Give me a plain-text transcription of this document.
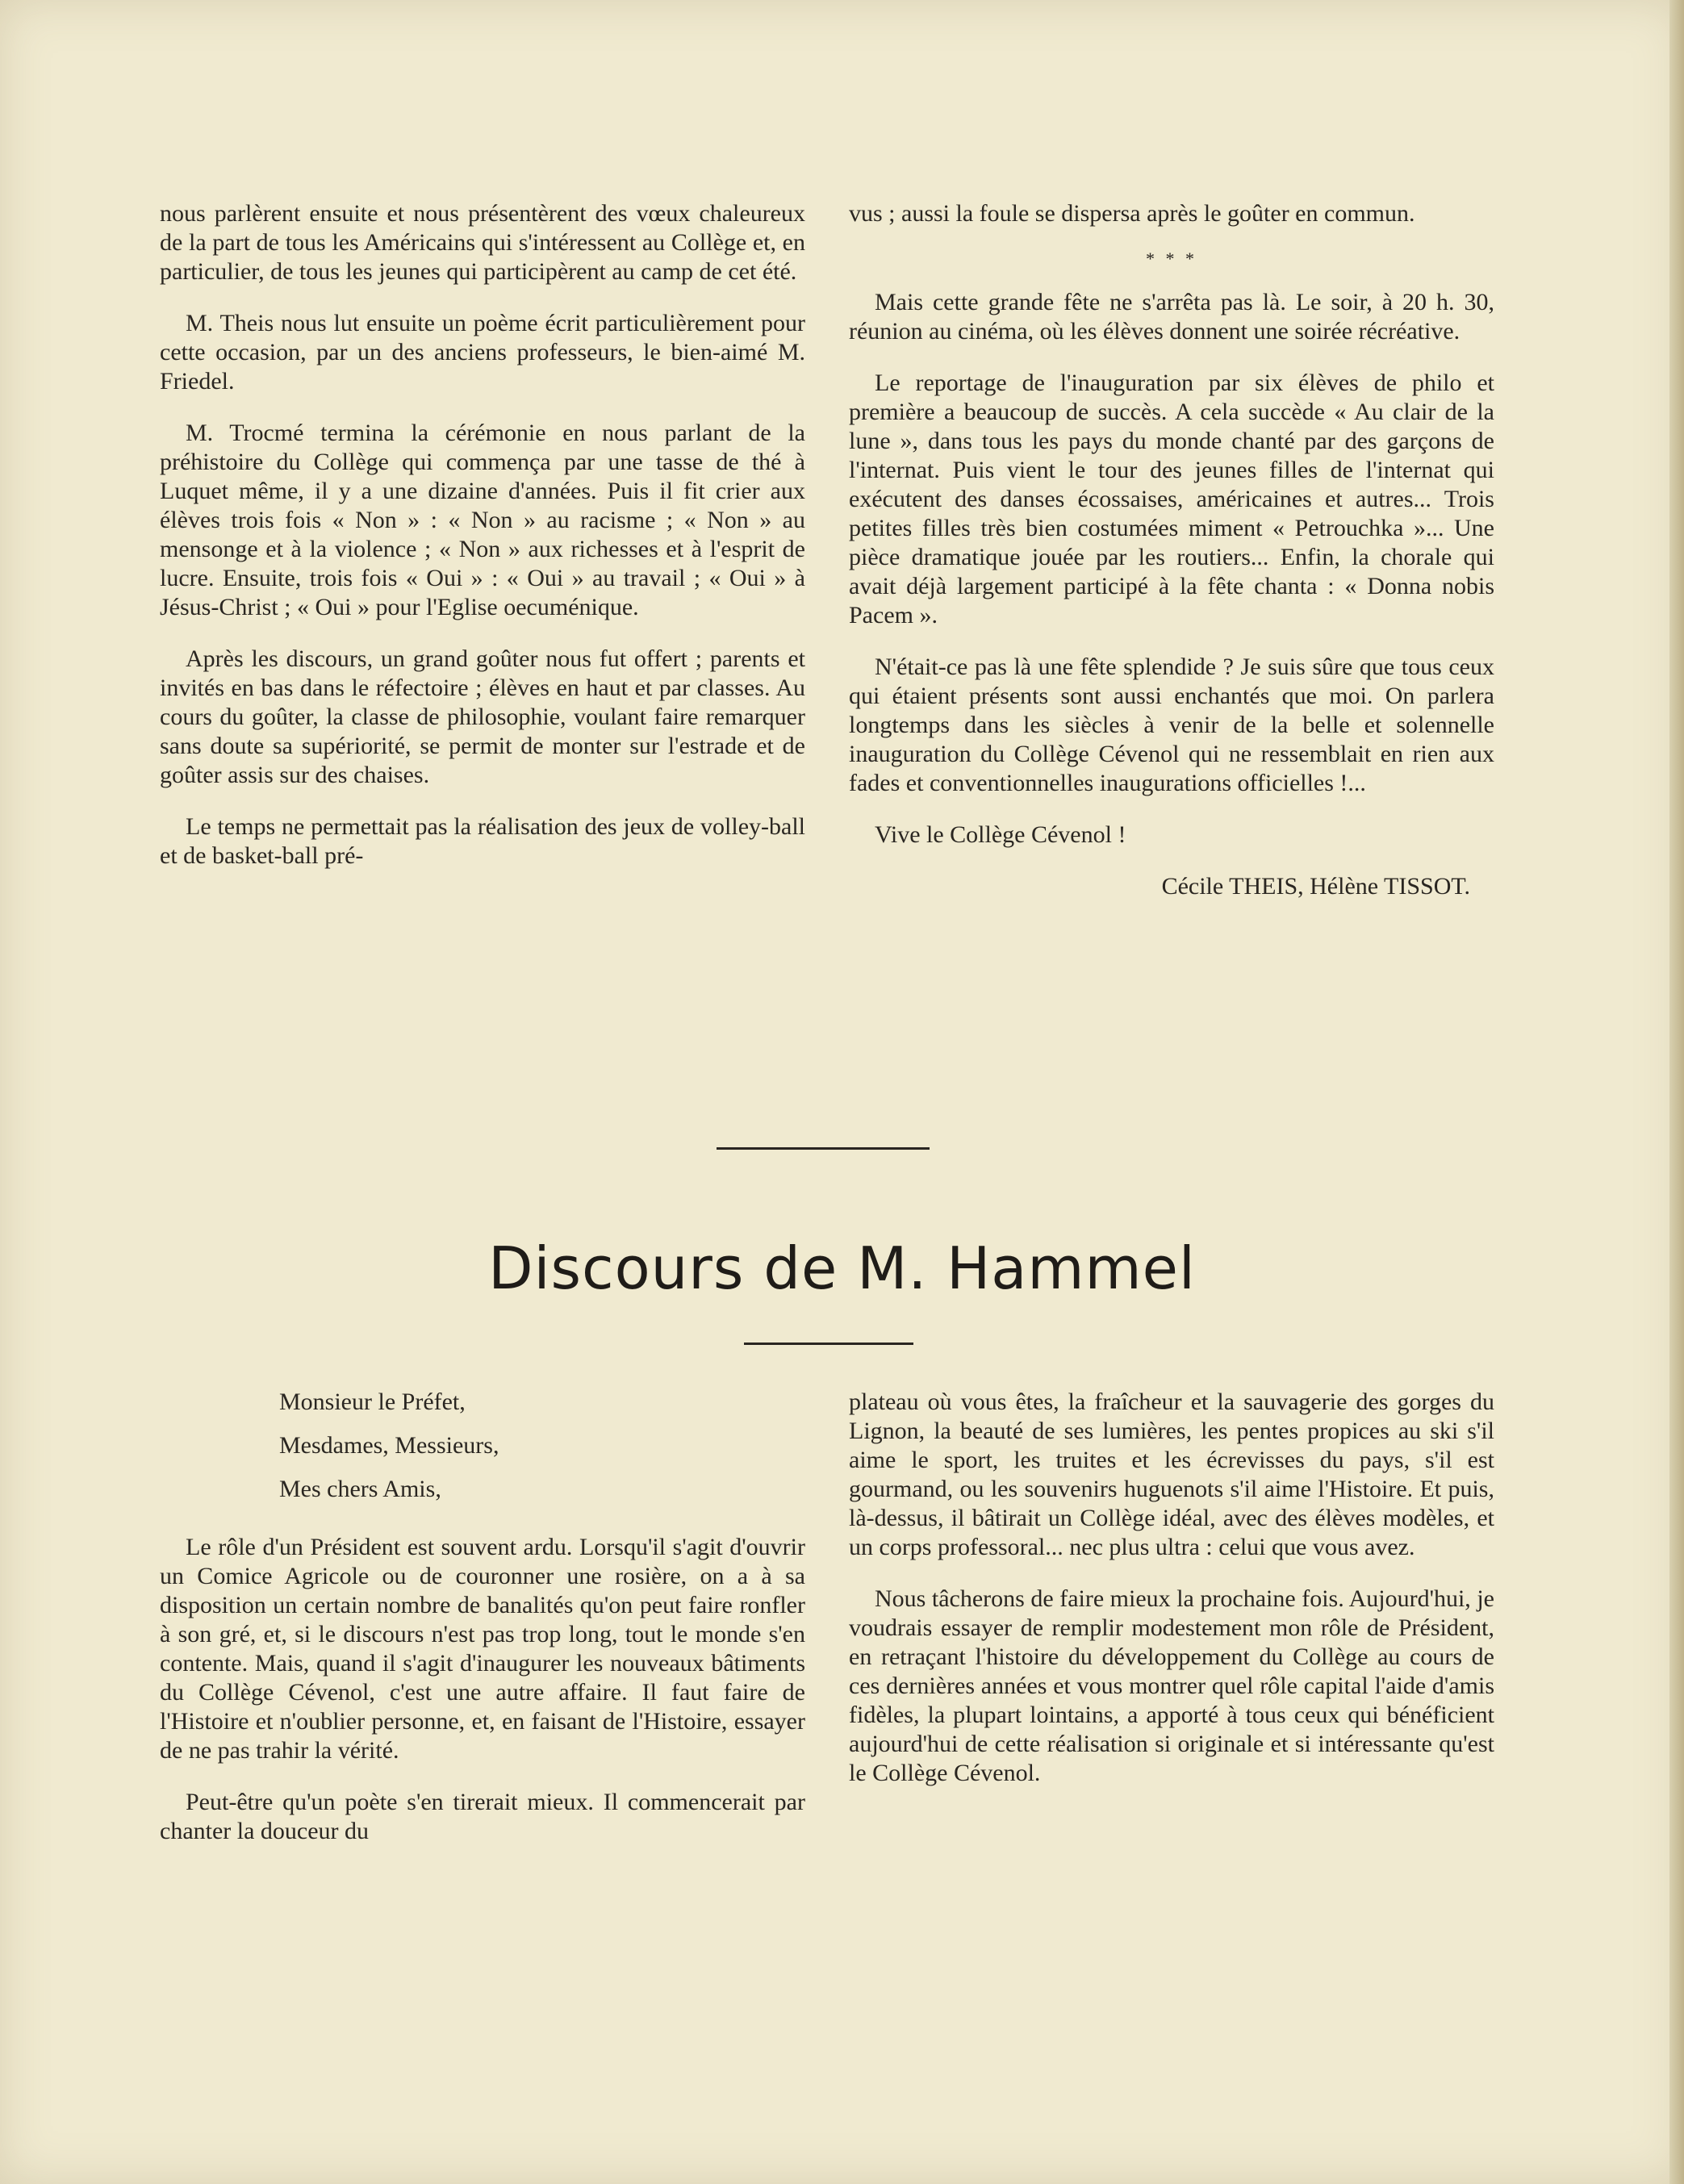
nous parlèrent ensuite et nous présentèrent des vœux chaleureux de la part de tous les Américains qui s'intéressent au Collège et, en particulier, de tous les jeunes qui participèrent au camp de cet été.

M. Theis nous lut ensuite un poème écrit particulièrement pour cette occasion, par un des anciens professeurs, le bien-aimé M. Friedel.

M. Trocmé termina la cérémonie en nous parlant de la préhistoire du Collège qui commença par une tasse de thé à Luquet même, il y a une dizaine d'années. Puis il fit crier aux élèves trois fois « Non » : « Non » au racisme ; « Non » au mensonge et à la violence ; « Non » aux richesses et à l'esprit de lucre. Ensuite, trois fois « Oui » : « Oui » au travail ; « Oui » à Jésus-Christ ; « Oui » pour l'Eglise oecuménique.

Après les discours, un grand goûter nous fut offert ; parents et invités en bas dans le réfectoire ; élèves en haut et par classes. Au cours du goûter, la classe de philosophie, voulant faire remarquer sans doute sa supériorité, se permit de monter sur l'estrade et de goûter assis sur des chaises.

Le temps ne permettait pas la réalisation des jeux de volley-ball et de basket-ball pré-

vus ; aussi la foule se dispersa après le goûter en commun.

* * *

Mais cette grande fête ne s'arrêta pas là. Le soir, à 20 h. 30, réunion au cinéma, où les élèves donnent une soirée récréative.

Le reportage de l'inauguration par six élèves de philo et première a beaucoup de succès. A cela succède « Au clair de la lune », dans tous les pays du monde chanté par des garçons de l'internat. Puis vient le tour des jeunes filles de l'internat qui exécutent des danses écossaises, américaines et autres... Trois petites filles très bien costumées miment « Petrouchka »... Une pièce dramatique jouée par les routiers... Enfin, la chorale qui avait déjà largement participé à la fête chanta : « Donna nobis Pacem ».

N'était-ce pas là une fête splendide ? Je suis sûre que tous ceux qui étaient présents sont aussi enchantés que moi. On parlera longtemps dans les siècles à venir de la belle et solennelle inauguration du Collège Cévenol qui ne ressemblait en rien aux fades et conventionnelles inaugurations officielles !...

Vive le Collège Cévenol !

Cécile THEIS, Hélène TISSOT.

Discours de M. Hammel

Monsieur le Préfet,

Mesdames, Messieurs,

Mes chers Amis,

Le rôle d'un Président est souvent ardu. Lorsqu'il s'agit d'ouvrir un Comice Agricole ou de couronner une rosière, on a à sa disposition un certain nombre de banalités qu'on peut faire ronfler à son gré, et, si le discours n'est pas trop long, tout le monde s'en contente. Mais, quand il s'agit d'inaugurer les nouveaux bâtiments du Collège Cévenol, c'est une autre affaire. Il faut faire de l'Histoire et n'oublier personne, et, en faisant de l'Histoire, essayer de ne pas trahir la vérité.

Peut-être qu'un poète s'en tirerait mieux. Il commencerait par chanter la douceur du

plateau où vous êtes, la fraîcheur et la sauvagerie des gorges du Lignon, la beauté de ses lumières, les pentes propices au ski s'il aime le sport, les truites et les écrevisses du pays, s'il est gourmand, ou les souvenirs huguenots s'il aime l'Histoire. Et puis, là-dessus, il bâtirait un Collège idéal, avec des élèves modèles, et un corps professoral... nec plus ultra : celui que vous avez.

Nous tâcherons de faire mieux la prochaine fois. Aujourd'hui, je voudrais essayer de remplir modestement mon rôle de Président, en retraçant l'histoire du développement du Collège au cours de ces dernières années et vous montrer quel rôle capital l'aide d'amis fidèles, la plupart lointains, a apporté à tous ceux qui bénéficient aujourd'hui de cette réalisation si originale et si intéressante qu'est le Collège Cévenol.
